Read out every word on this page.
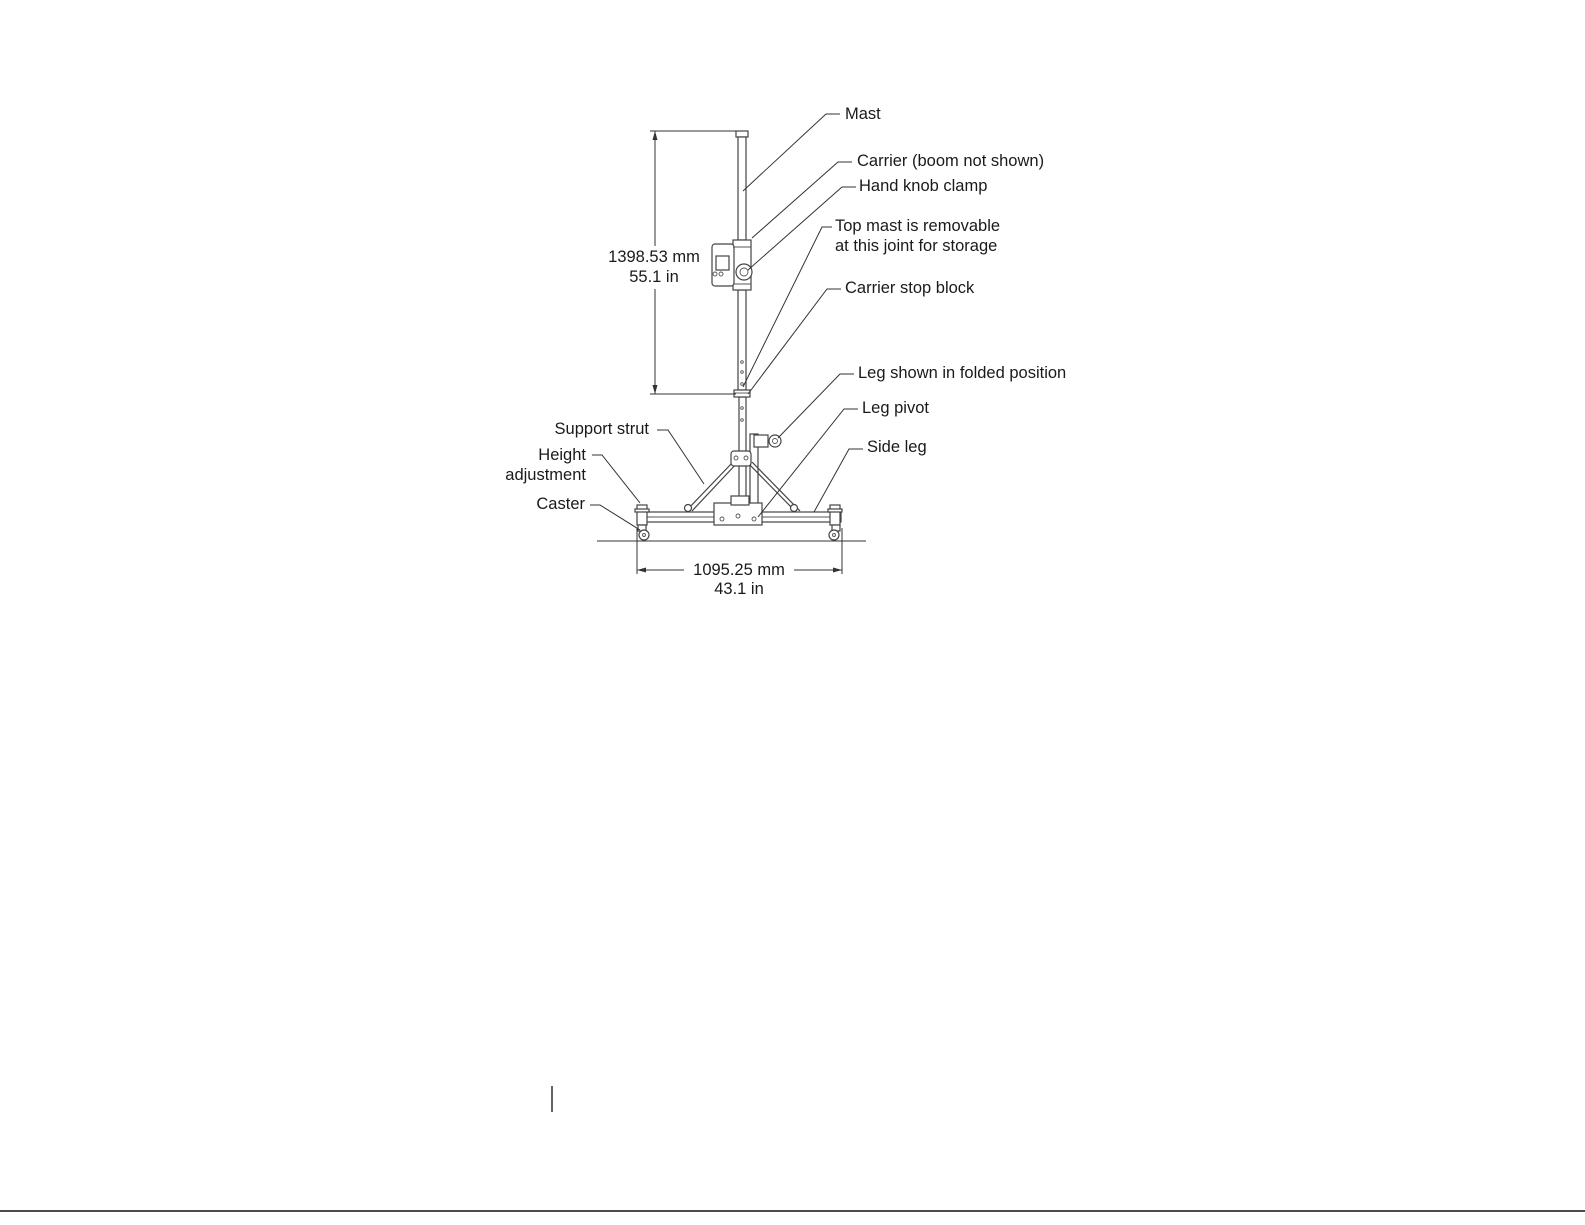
1398.53 mm
55.1 in
1095.25 mm
43.1 in
Mast
Carrier (boom not shown)
Hand knob clamp
Top mast is removable
at this joint for storage
Carrier stop block
Leg shown in folded position
Leg pivot
Side leg
Support strut
Height
adjustment
Caster
